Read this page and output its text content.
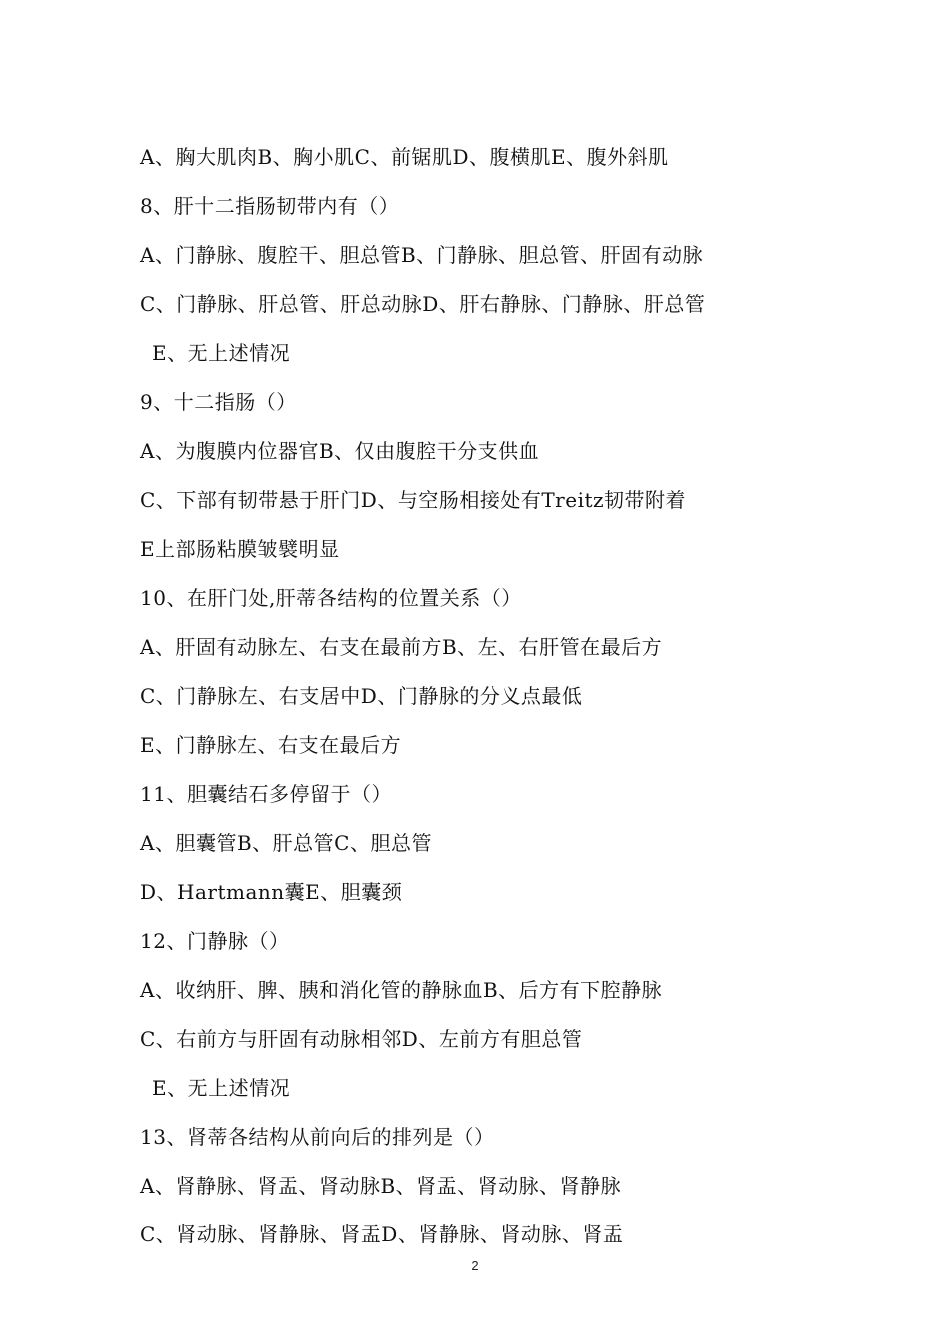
A、胸大肌肉B、胸小肌C、前锯肌D、腹横肌E、腹外斜肌
8、肝十二指肠韧带内有（）
A、门静脉、腹腔干、胆总管B、门静脉、胆总管、肝固有动脉
C、门静脉、肝总管、肝总动脉D、肝右静脉、门静脉、肝总管
E、无上述情况
9、十二指肠（）
A、为腹膜内位器官B、仅由腹腔干分支供血
C、下部有韧带悬于肝门D、与空肠相接处有Treitz韧带附着
E上部肠粘膜皱襞明显
10、在肝门处,肝蒂各结构的位置关系（）
A、肝固有动脉左、右支在最前方B、左、右肝管在最后方
C、门静脉左、右支居中D、门静脉的分义点最低
E、门静脉左、右支在最后方
11、胆囊结石多停留于（）
A、胆囊管B、肝总管C、胆总管
D、Hartmann囊E、胆囊颈
12、门静脉（）
A、收纳肝、脾、胰和消化管的静脉血B、后方有下腔静脉
C、右前方与肝固有动脉相邻D、左前方有胆总管
E、无上述情况
13、肾蒂各结构从前向后的排列是（）
A、肾静脉、肾盂、肾动脉B、肾盂、肾动脉、肾静脉
C、肾动脉、肾静脉、肾盂D、肾静脉、肾动脉、肾盂
2
